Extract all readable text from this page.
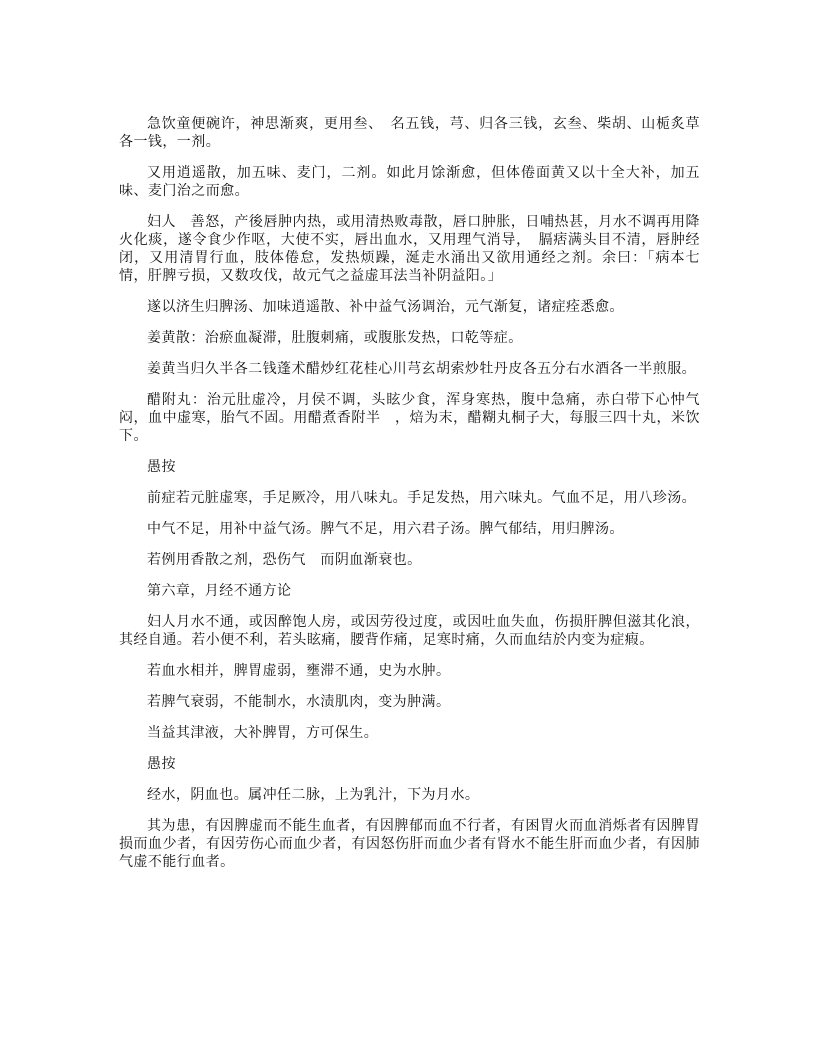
急饮童便碗许，神思渐爽，更用叁、　名五钱，芎、归各三钱，玄叁、柴胡、山栀炙草各一钱，一剂。

又用逍遥散，加五味、麦门，二剂。如此月馀渐愈，但体倦面黄又以十全大补，加五味、麦门治之而愈。

妇人　善怒，产後唇肿内热，或用清热败毒散，唇口肿胀，日哺热甚，月水不调再用降火化痰，遂令食少作呕，大使不实，唇出血水，又用理气消导，　膈痞满头目不清，唇肿经闭，又用清胃行血，肢体倦怠，发热烦躁，涎走水涌出又欲用通经之剂。余曰：「病本七情，肝脾亏损，又数攻伐，故元气之益虚耳法当补阴益阳。」

遂以济生归脾汤、加味逍遥散、补中益气汤调治，元气渐复，诸症痊悉愈。

姜黄散：治瘀血凝滞，肚腹刺痛，或腹胀发热，口乾等症。

姜黄当归久半各二钱蓬术醋炒红花桂心川芎玄胡索炒牡丹皮各五分右水酒各一半煎服。

醋附丸：治元肚虚冷，月侯不调，头眩少食，浑身寒热，腹中急痛，赤白带下心忡气闷，血中虚寒，胎气不固。用醋煮香附半　，焙为末，醋糊丸桐子大，每服三四十丸，米饮下。

愚按

前症若元脏虚寒，手足厥冷，用八味丸。手足发热，用六味丸。气血不足，用八珍汤。

中气不足，用补中益气汤。脾气不足，用六君子汤。脾气郁结，用归脾汤。

若例用香散之剂，恐伤气　而阴血渐衰也。

第六章，月经不通方论

妇人月水不通，或因醉饱人房，或因劳役过度，或因吐血失血，伤损肝脾但滋其化浪，其经自通。若小便不利，若头眩痛，腰背作痛，足寒时痛，久而血结於内变为症瘕。

若血水相并，脾胃虚弱，壅滞不通，史为水肿。

若脾气衰弱，不能制水，水渍肌肉，变为肿满。

当益其津液，大补脾胃，方可保生。

愚按

经水，阴血也。属冲任二脉，上为乳汁，下为月水。

其为患，有因脾虚而不能生血者，有因脾郁而血不行者，有困胃火而血消烁者有因脾胃损而血少者，有因劳伤心而血少者，有因怒伤肝而血少者有肾水不能生肝而血少者，有因肺气虚不能行血者。
